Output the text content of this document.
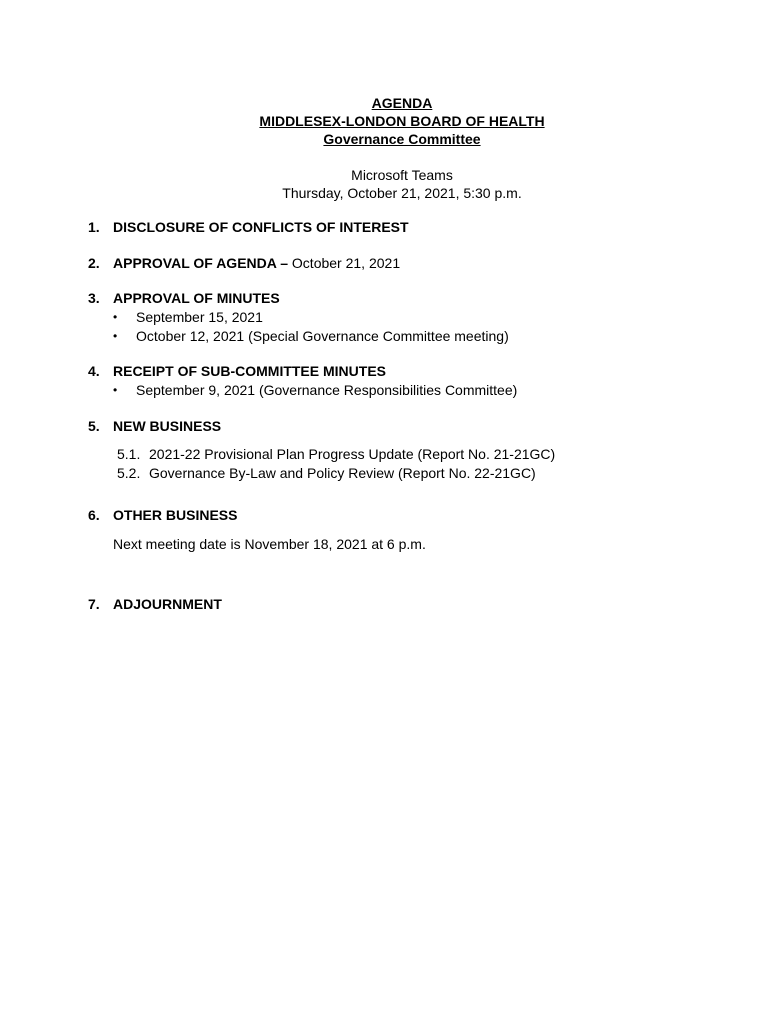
AGENDA
MIDDLESEX-LONDON BOARD OF HEALTH
Governance Committee
Microsoft Teams
Thursday, October 21, 2021, 5:30 p.m.
1. DISCLOSURE OF CONFLICTS OF INTEREST
2. APPROVAL OF AGENDA – October 21, 2021
3. APPROVAL OF MINUTES
•	September 15, 2021
•	October 12, 2021 (Special Governance Committee meeting)
4. RECEIPT OF SUB-COMMITTEE MINUTES
•	September 9, 2021 (Governance Responsibilities Committee)
5. NEW BUSINESS
5.1. 2021-22 Provisional Plan Progress Update (Report No. 21-21GC)
5.2. Governance By-Law and Policy Review (Report No. 22-21GC)
6. OTHER BUSINESS
Next meeting date is November 18, 2021 at 6 p.m.
7. ADJOURNMENT
